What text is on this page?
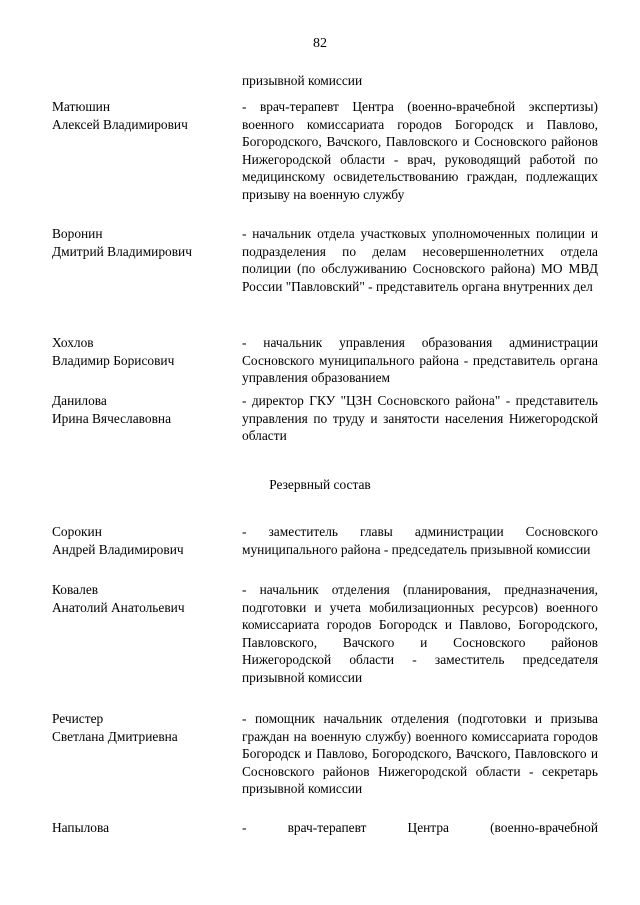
82
призывной комиссии
Матюшин
Алексей Владимирович
- врач-терапевт Центра (военно-врачебной экспертизы) военного комиссариата городов Богородск и Павлово, Богородского, Вачского, Павловского и Сосновского районов Нижегородской области - врач, руководящий работой по медицинскому освидетельствованию граждан, подлежащих призыву на военную службу
Воронин
Дмитрий Владимирович
- начальник отдела участковых уполномоченных полиции и подразделения по делам несовершеннолетних отдела полиции (по обслуживанию Сосновского района) МО МВД России "Павловский" - представитель органа внутренних дел
Хохлов
Владимир Борисович
- начальник управления образования администрации Сосновского муниципального района - представитель органа управления образованием
Данилова
Ирина Вячеславовна
- директор ГКУ "ЦЗН Сосновского района" - представитель управления по труду и занятости населения Нижегородской области
Резервный состав
Сорокин
Андрей Владимирович
- заместитель главы администрации Сосновского муниципального района - председатель призывной комиссии
Ковалев
Анатолий Анатольевич
- начальник отделения (планирования, предназначения, подготовки и учета мобилизационных ресурсов) военного комиссариата городов Богородск и Павлово, Богородского, Павловского, Вачского и Сосновского районов Нижегородской области - заместитель председателя призывной комиссии
Речистер
Светлана Дмитриевна
- помощник начальник отделения (подготовки и призыва граждан на военную службу) военного комиссариата городов Богородск и Павлово, Богородского, Вачского, Павловского и Сосновского районов Нижегородской области - секретарь призывной комиссии
Напылова	- врач-терапевт Центра (военно-врачебной
